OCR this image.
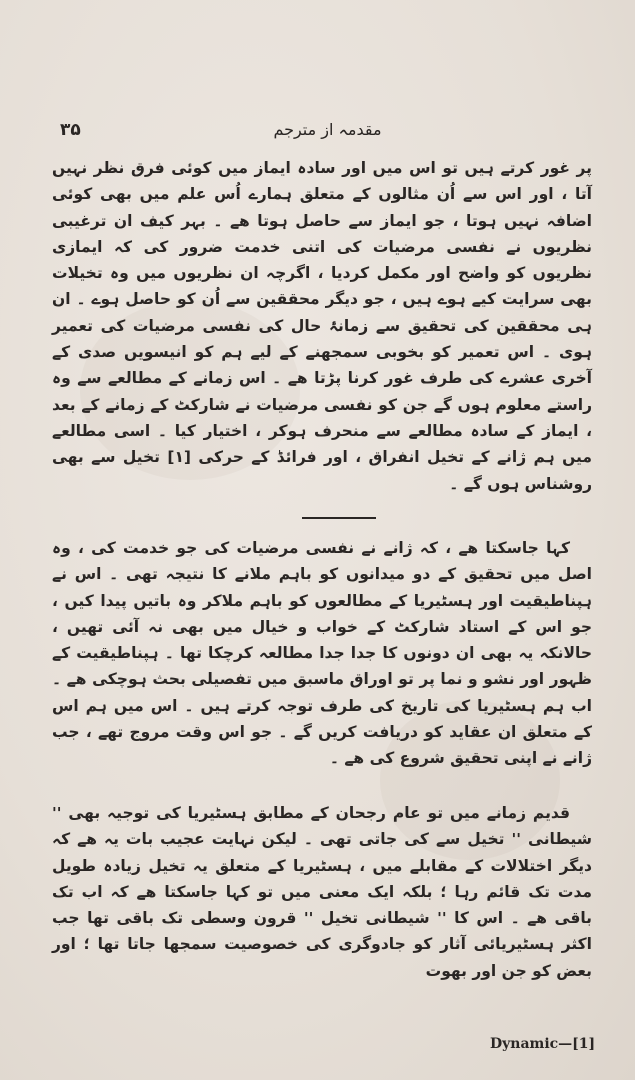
۳۵	مقدمہ از مترجم

پر غور کرتے ہیں تو اس میں اور سادہ ایماز میں کوئی فرق نظر نہیں آتا ، اور اس سے اُن مثالوں کے متعلق ہمارے اُس علم میں بھی کوئی اضافہ نہیں ہوتا ، جو ایماز سے حاصل ہوتا ھے ۔ بہر کیف ان ترغیبی نظریوں نے نفسی مرضیات کی اتنی خدمت ضرور کی کہ ایمازی نظریوں کو واضح اور مکمل کردیا ، اگرچہ ان نظریوں میں وہ تخیلات بھی سرایت کیے ہوے ہیں ، جو دیگر محققین سے اُن کو حاصل ہوے ۔ ان ہی محققین کی تحقیق سے زمانۂ حال کی نفسی مرضیات کی تعمیر ہوی ۔ اس تعمیر کو بخوبی سمجھنے کے لیے ہم کو انیسویں صدی کے آخری عشرے کی طرف غور کرنا پڑتا ھے ۔ اس زمانے کے مطالعے سے وہ راستے معلوم ہوں گے جن کو نفسی مرضیات نے شارکٹ کے زمانے کے بعد ، ایماز کے سادہ مطالعے سے منحرف ہوکر ، اختیار کیا ۔ اسی مطالعے میں ہم ژانے کے تخیل انفراق ، اور فرائڈ کے حرکی [۱] تخیل سے بھی روشناس ہوں گے ۔

کہا جاسکتا ھے ، کہ ژانے نے نفسی مرضیات کی جو خدمت کی ، وہ اصل میں تحقیق کے دو میدانوں کو باہم ملانے کا نتیجہ تھی ۔ اس نے ہپناطیقیت اور ہسٹیریا کے مطالعوں کو باہم ملاکر وہ باتیں پیدا کیں ، جو اس کے استاد شارکٹ کے خواب و خیال میں بھی نہ آئی تھیں ، حالانکہ یہ بھی ان دونوں کا جدا جدا مطالعہ کرچکا تھا ۔ ہپناطیقیت کے ظہور اور نشو و نما پر تو اوراق ماسبق میں تفصیلی بحث ہوچکی ھے ۔ اب ہم ہسٹیریا کی تاریخ کی طرف توجہ کرتے ہیں ۔ اس میں ہم اس کے متعلق ان عقاید کو دریافت کریں گے ۔ جو اس وقت مروج تھے ، جب ژانے نے اپنی تحقیق شروع کی ھے ۔

قدیم زمانے میں تو عام رجحان کے مطابق ہسٹیریا کی توجیہ بھی '' شیطانی '' تخیل سے کی جاتی تھی ۔ لیکن نہایت عجیب بات یہ ھے کہ دیگر اختلالات کے مقابلے میں ، ہسٹیریا کے متعلق یہ تخیل زیادہ طویل مدت تک قائم رہا ؛ بلکہ ایک معنی میں تو کہا جاسکتا ھے کہ اب تک باقی ھے ۔ اس کا '' شیطانی تخیل '' قرون وسطی تک باقی تھا جب اکثر ہسٹیریائی آثار کو جادوگری کی خصوصیت سمجھا جاتا تھا ؛ اور بعض کو جن اور بھوت

Dynamic—[1]
